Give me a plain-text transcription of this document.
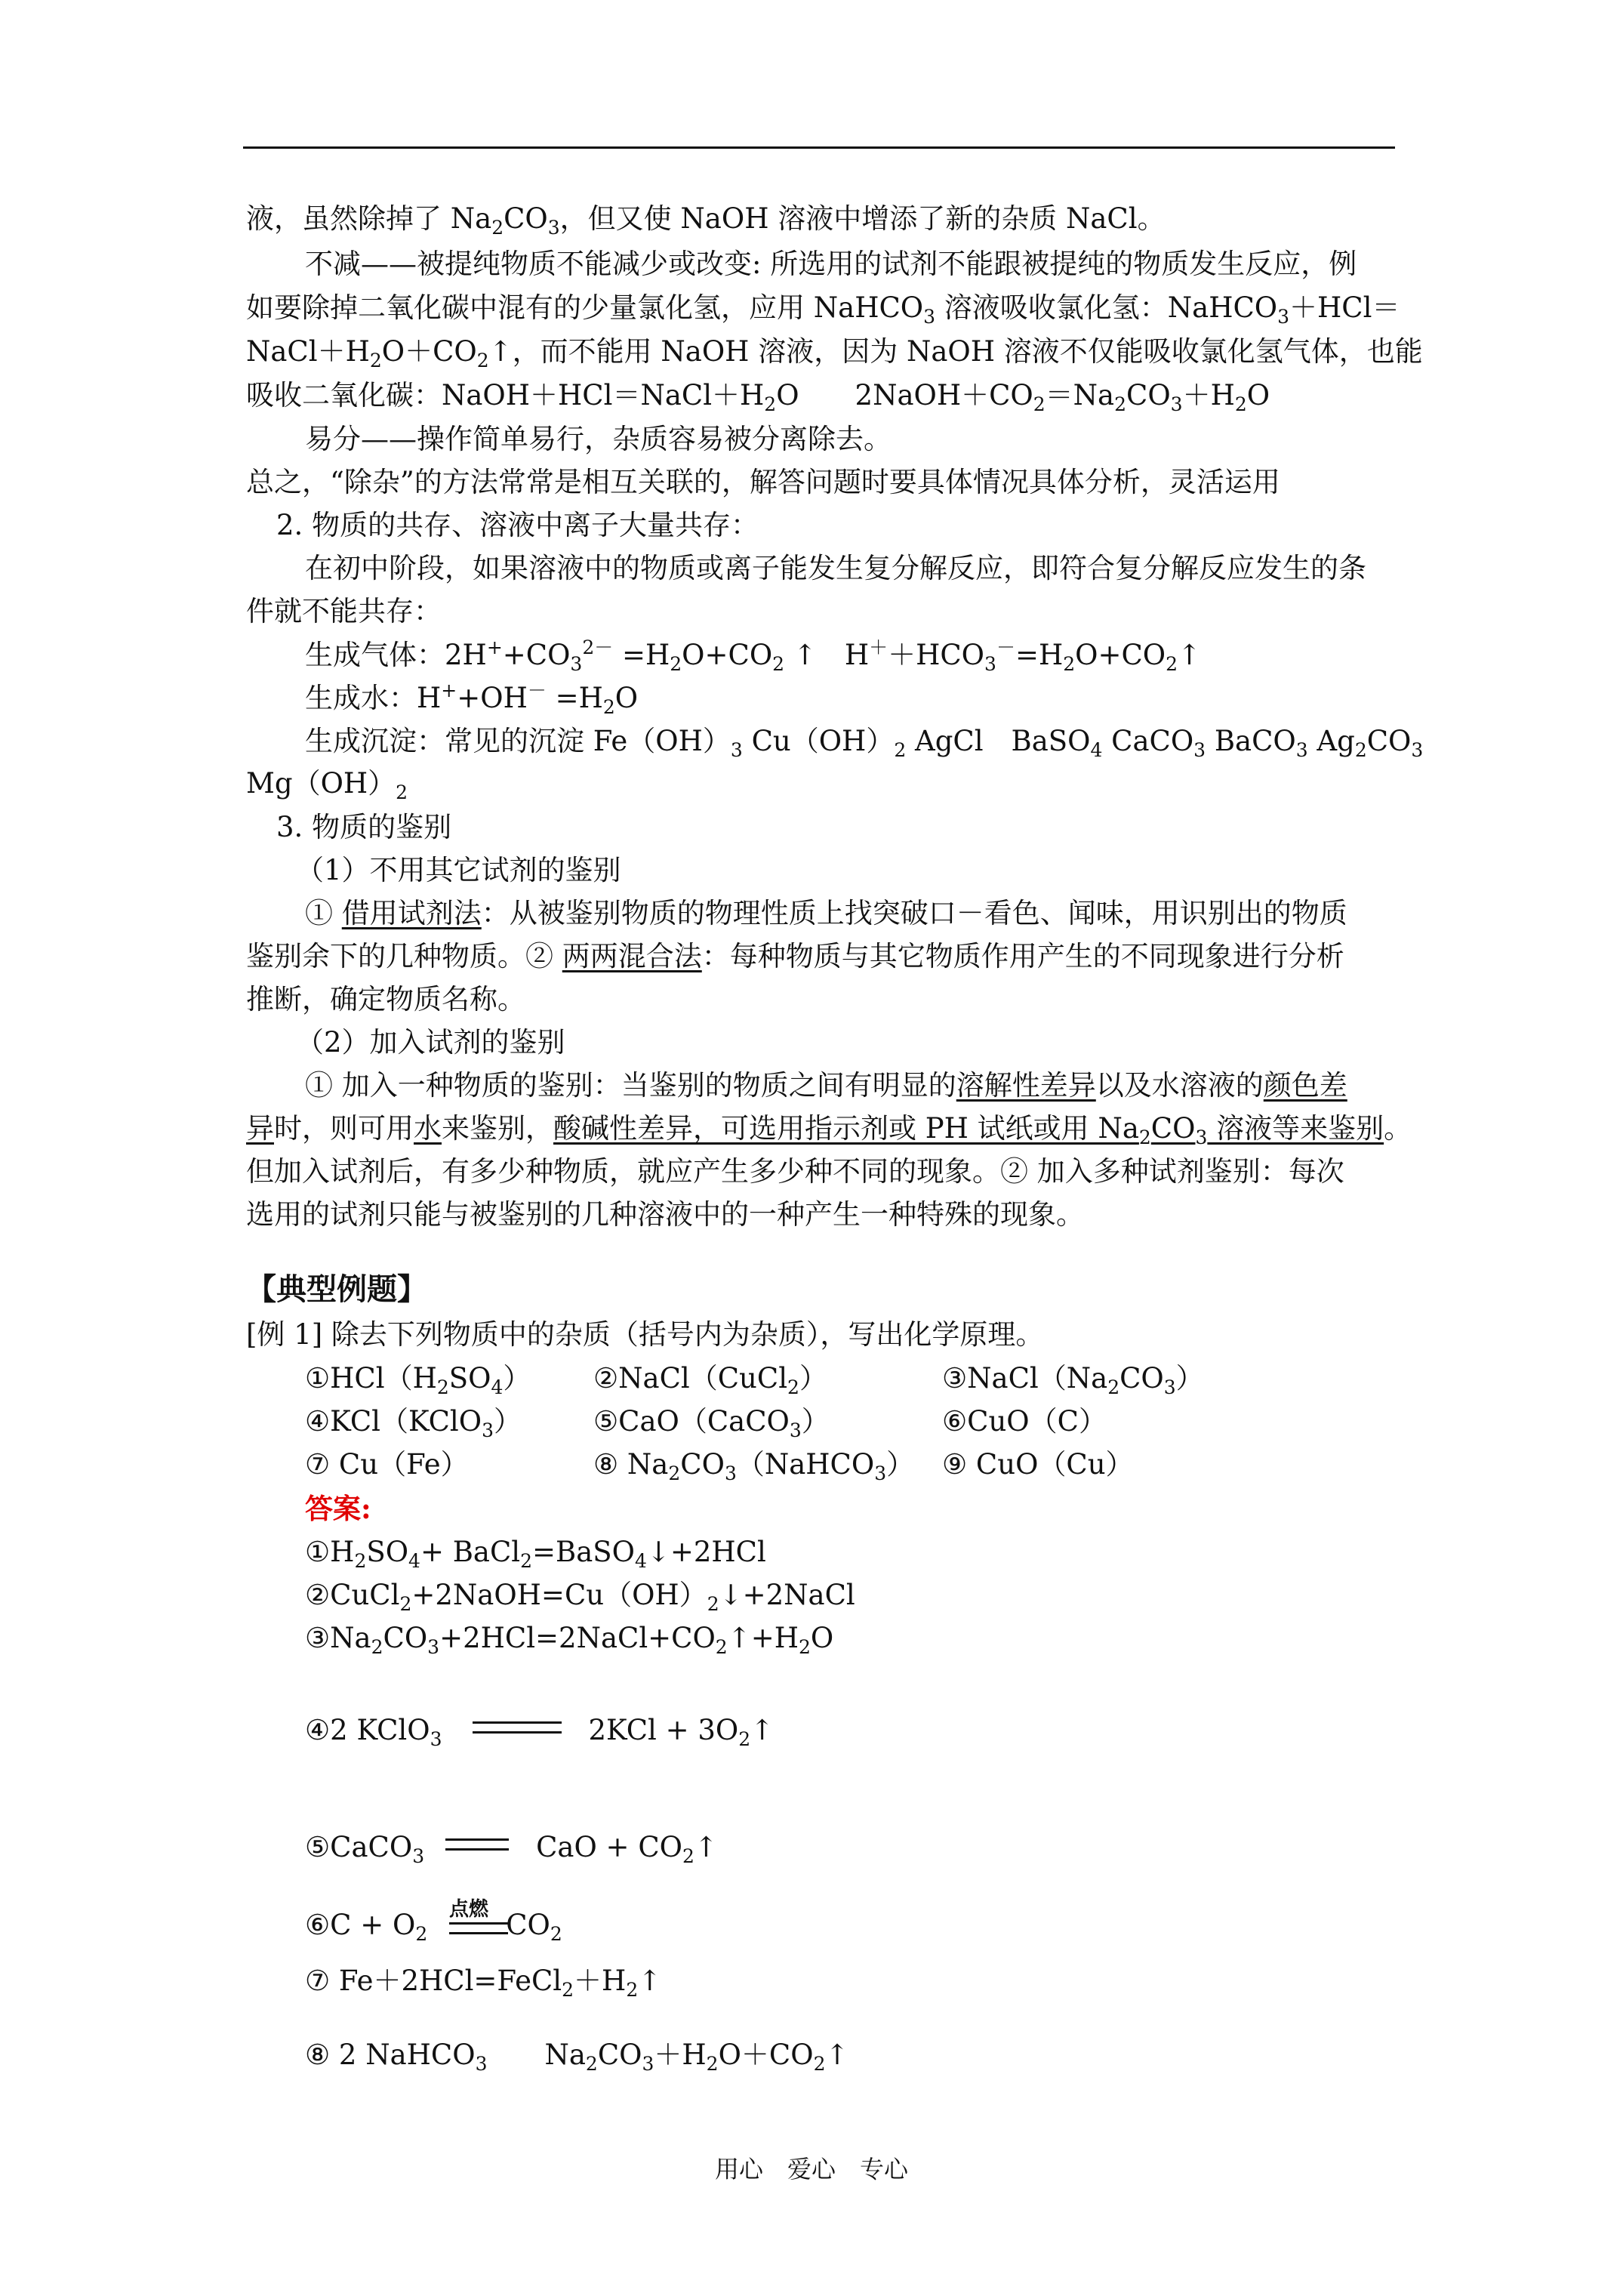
液，虽然除掉了 $Na_2CO_3$，但又使 NaOH 溶液中增添了新的杂质 NaCl。
不减——被提纯物质不能减少或改变: 所选用的试剂不能跟被提纯的物质发生反应，例
如要除掉二氧化碳中混有的少量氯化氢，应用 NaHCO$_3$ 溶液吸收氯化氢：NaHCO$_3$＋HCl＝
$NaCl+H_2O+CO_2↑$，而不能用 NaOH 溶液，因为 NaOH 溶液不仅能吸收氯化氢气体，也能
吸收二氧化碳：$NaOH+HCl=NaCl+H_2O$　　$2NaOH+CO_2=Na_2CO_3+H_2O$
易分——操作简单易行，杂质容易被分离除去。
总之，“除杂”的方法常常是相互关联的，解答问题时要具体情况具体分析，灵活运用
2. 物质的共存、溶液中离子大量共存：
在初中阶段，如果溶液中的物质或离子能发生复分解反应，即符合复分解反应发生的条
件就不能共存：
生成气体：$2H^++CO_3^{2-} =H_2O+CO_2$ ↑　$H^++HCO_3^-=H_2O+CO_2↑$
生成水：$H^++OH^- =H_2O$
生成沉淀：常见的沉淀 $Fe(OH)_3$ $Cu(OH)_2$ AgCl　BaSO$_4$ CaCO$_3$ BaCO$_3$ $Ag_2CO_3$
$Mg(OH)_2$
3. 物质的鉴别
（1）不用其它试剂的鉴别
① 借用试剂法：从被鉴别物质的物理性质上找突破口－看色、闻味，用识别出的物质
鉴别余下的几种物质。② 两两混合法：每种物质与其它物质作用产生的不同现象进行分析
推断，确定物质名称。
（2）加入试剂的鉴别
① 加入一种物质的鉴别：当鉴别的物质之间有明显的溶解性差异以及水溶液的颜色差
异时，则可用水来鉴别，酸碱性差异，可选用指示剂或 PH 试纸或用 $Na_2CO_3$ 溶液等来鉴别。
但加入试剂后，有多少种物质，就应产生多少种不同的现象。② 加入多种试剂鉴别：每次
选用的试剂只能与被鉴别的几种溶液中的一种产生一种特殊的现象。
【典型例题】
[例 1] 除去下列物质中的杂质（括号内为杂质），写出化学原理。
$①HCl(H_2SO_4)$ ②NaCl（CuCl$_2$）	$③NaCl(Na_2CO_3)$
④KCl（KClO$_3$）	⑤CaO（CaCO$_3$）	⑥CuO（C）
⑦ Cu（Fe）	⑧ $Na_2CO_3(NaHCO_3)$ ⑨ CuO（Cu）
答案:
$①H_2SO_4+$ BaCl$_2$=BaSO$_4$↓+2HCl
$②CuCl_2+2NaOH=Cu(OH)_2↓+2NaCl$
$③Na_2CO_3+2HCl=2NaCl+CO_2↑+H_2O$
④2 KClO$_3$	$2KCl + 3O_2↑$
⑤CaCO$_3$	CaO + $CO_2↑$
点燃
⑥C + $O_2$	$CO_2$
⑦ $Fe+2HCl=FeCl_2+H_2↑$
⑧ 2 NaHCO$_3$ $Na_2CO_3+H_2O+CO_2↑$
用心　爱心　专心
